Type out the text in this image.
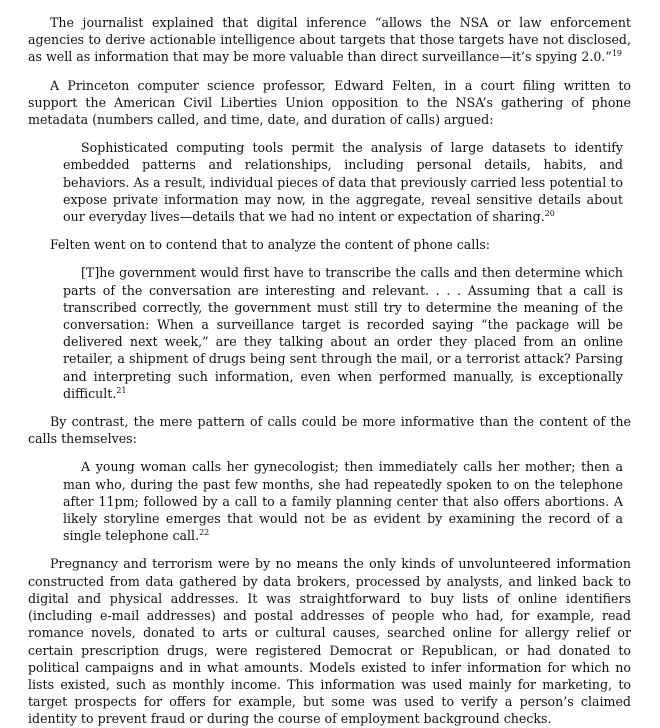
The journalist explained that digital inference “allows the NSA or law enforcement agencies to derive actionable intelligence about targets that those targets have not disclosed, as well as information that may be more valuable than direct surveillance—it’s spying 2.0.”$^{19}$

A Princeton computer science professor, Edward Felten, in a court filing written to support the American Civil Liberties Union opposition to the NSA’s gathering of phone metadata (numbers called, and time, date, and duration of calls) argued:

Sophisticated computing tools permit the analysis of large datasets to identify embedded patterns and relationships, including personal details, habits, and behaviors. As a result, individual pieces of data that previously carried less potential to expose private information may now, in the aggregate, reveal sensitive details about our everyday lives—details that we had no intent or expectation of sharing.$^{20}$

Felten went on to contend that to analyze the content of phone calls:

[T]he government would first have to transcribe the calls and then determine which parts of the conversation are interesting and relevant. . . . Assuming that a call is transcribed correctly, the government must still try to determine the meaning of the conversation: When a surveillance target is recorded saying “the package will be delivered next week,” are they talking about an order they placed from an online retailer, a shipment of drugs being sent through the mail, or a terrorist attack? Parsing and interpreting such information, even when performed manually, is exceptionally difficult.$^{21}$

By contrast, the mere pattern of calls could be more informative than the content of the calls themselves:

A young woman calls her gynecologist; then immediately calls her mother; then a man who, during the past few months, she had repeatedly spoken to on the telephone after 11pm; followed by a call to a family planning center that also offers abortions. A likely storyline emerges that would not be as evident by examining the record of a single telephone call.$^{22}$

Pregnancy and terrorism were by no means the only kinds of unvolunteered information constructed from data gathered by data brokers, processed by analysts, and linked back to digital and physical addresses. It was straightforward to buy lists of online identifiers (including e-mail addresses) and postal addresses of people who had, for example, read romance novels, donated to arts or cultural causes, searched online for allergy relief or certain prescription drugs, were registered Democrat or Republican, or had donated to political campaigns and in what amounts. Models existed to infer information for which no lists existed, such as monthly income. This information was used mainly for marketing, to target prospects for offers for example, but some was used to verify a person’s claimed identity to prevent fraud or during the course of employment background checks.
